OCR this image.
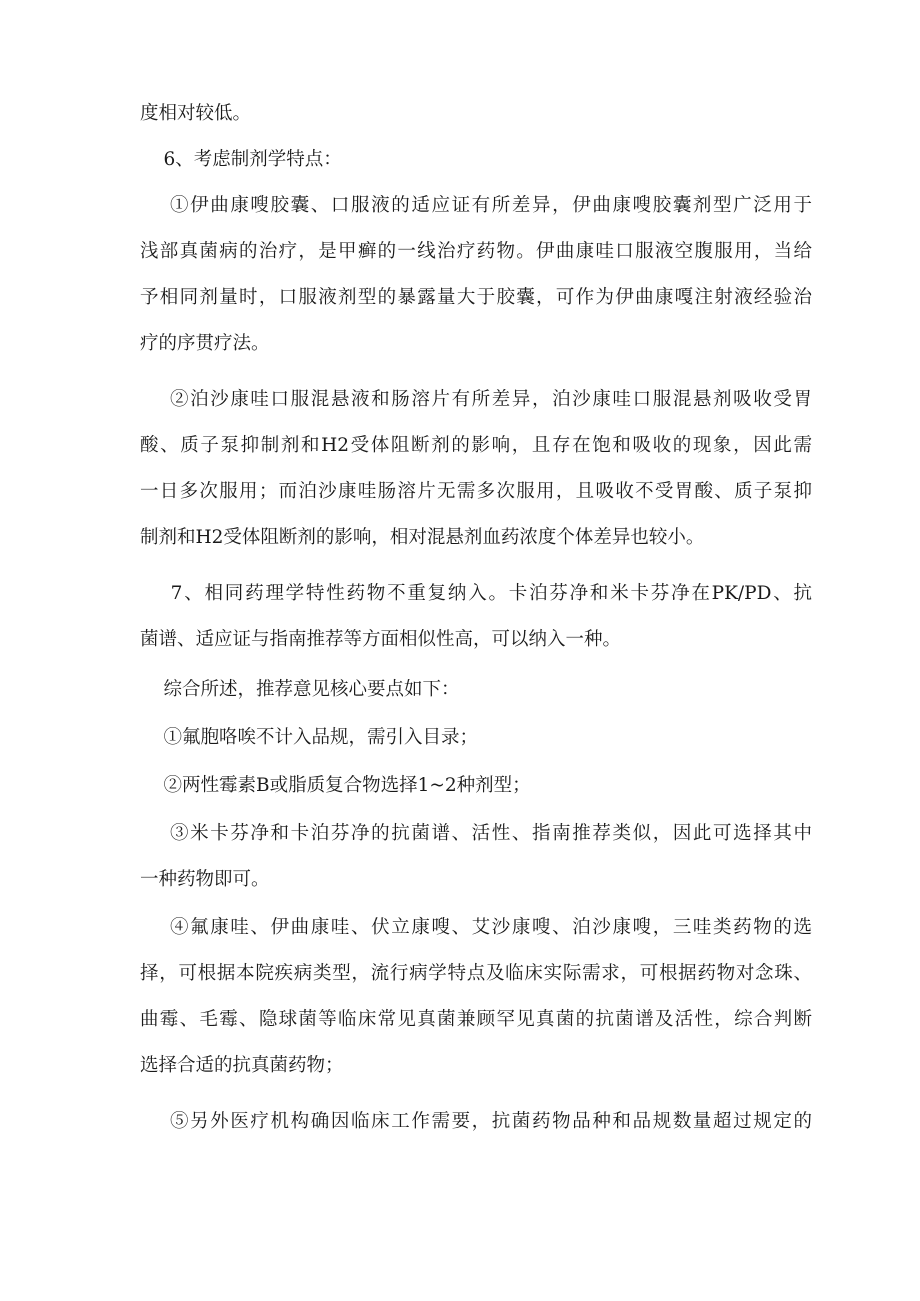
度相对较低。

6、考虑制剂学特点：

①伊曲康嗖胶囊、口服液的适应证有所差异，伊曲康嗖胶囊剂型广泛用于
浅部真菌病的治疗，是甲癣的一线治疗药物。伊曲康哇口服液空腹服用，当给
予相同剂量时，口服液剂型的暴露量大于胶囊，可作为伊曲康嘎注射液经验治
疗的序贯疗法。

②泊沙康哇口服混悬液和肠溶片有所差异，泊沙康哇口服混悬剂吸收受胃
酸、质子泵抑制剂和H2受体阻断剂的影响，且存在饱和吸收的现象，因此需
一日多次服用；而泊沙康哇肠溶片无需多次服用，且吸收不受胃酸、质子泵抑
制剂和H2受体阻断剂的影响，相对混悬剂血药浓度个体差异也较小。

7、相同药理学特性药物不重复纳入。卡泊芬净和米卡芬净在PK/PD、抗
菌谱、适应证与指南推荐等方面相似性高，可以纳入一种。

综合所述，推荐意见核心要点如下：

①氟胞咯唉不计入品规，需引入目录；

②两性霉素B或脂质复合物选择1~2种剂型；

③米卡芬净和卡泊芬净的抗菌谱、活性、指南推荐类似，因此可选择其中
一种药物即可。

④氟康哇、伊曲康哇、伏立康嗖、艾沙康嗖、泊沙康嗖，三哇类药物的选
择，可根据本院疾病类型，流行病学特点及临床实际需求，可根据药物对念珠、
曲霉、毛霉、隐球菌等临床常见真菌兼顾罕见真菌的抗菌谱及活性，综合判断
选择合适的抗真菌药物；

⑤另外医疗机构确因临床工作需要，抗菌药物品种和品规数量超过规定的
